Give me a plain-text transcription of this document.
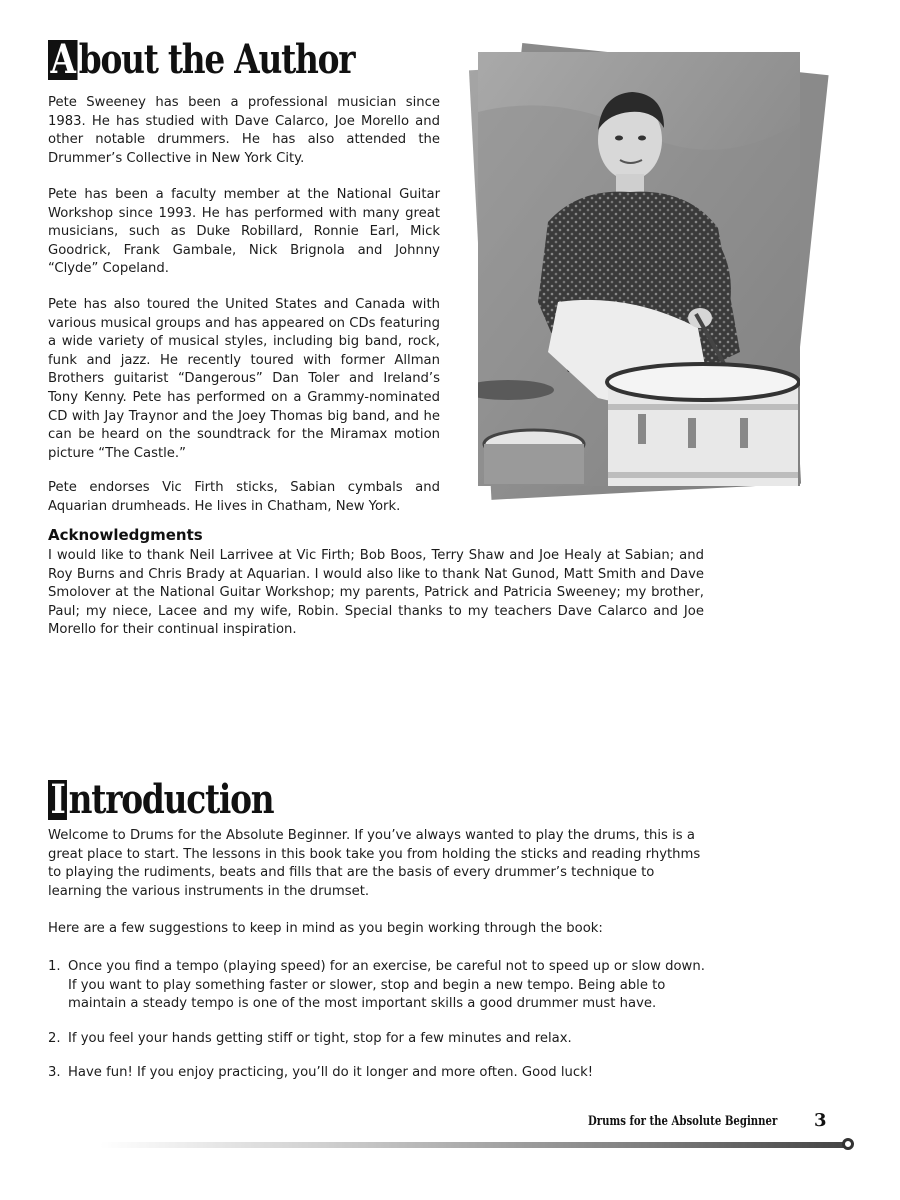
A bout the Author

Pete Sweeney has been a professional musician since 1983. He has studied with Dave Calarco, Joe Morello and other notable drummers. He has also attended the Drummer’s Collective in New York City.

Pete has been a faculty member at the National Guitar Workshop since 1993. He has performed with many great musicians, such as Duke Robillard, Ronnie Earl, Mick Goodrick, Frank Gambale, Nick Brignola and Johnny “Clyde” Copeland.

Pete has also toured the United States and Canada with various musical groups and has appeared on CDs featuring a wide variety of musical styles, including big band, rock, funk and jazz. He recently toured with former Allman Brothers guitarist “Dangerous” Dan Toler and Ireland’s Tony Kenny. Pete has performed on a Grammy-nominated CD with Jay Traynor and the Joey Thomas big band, and he can be heard on the soundtrack for the Miramax motion picture “The Castle.”

Pete endorses Vic Firth sticks, Sabian cymbals and Aquarian drumheads. He lives in Chatham, New York.

Acknowledgments

I would like to thank Neil Larrivee at Vic Firth; Bob Boos, Terry Shaw and Joe Healy at Sabian; and Roy Burns and Chris Brady at Aquarian. I would also like to thank Nat Gunod, Matt Smith and Dave Smolover at the National Guitar Workshop; my parents, Patrick and Patricia Sweeney; my brother, Paul; my niece, Lacee and my wife, Robin. Special thanks to my teachers Dave Calarco and Joe Morello for their continual inspiration.

I ntroduction

Welcome to Drums for the Absolute Beginner. If you’ve always wanted to play the drums, this is a great place to start. The lessons in this book take you from holding the sticks and reading rhythms to playing the rudiments, beats and fills that are the basis of every drummer’s technique to learning the various instruments in the drumset.

Here are a few suggestions to keep in mind as you begin working through the book:

1. Once you find a tempo (playing speed) for an exercise, be careful not to speed up or slow down. If you want to play something faster or slower, stop and begin a new tempo. Being able to maintain a steady tempo is one of the most important skills a good drummer must have.
2. If you feel your hands getting stiff or tight, stop for a few minutes and relax.
3. Have fun! If you enjoy practicing, you’ll do it longer and more often. Good luck!

Drums for the Absolute Beginner 3
